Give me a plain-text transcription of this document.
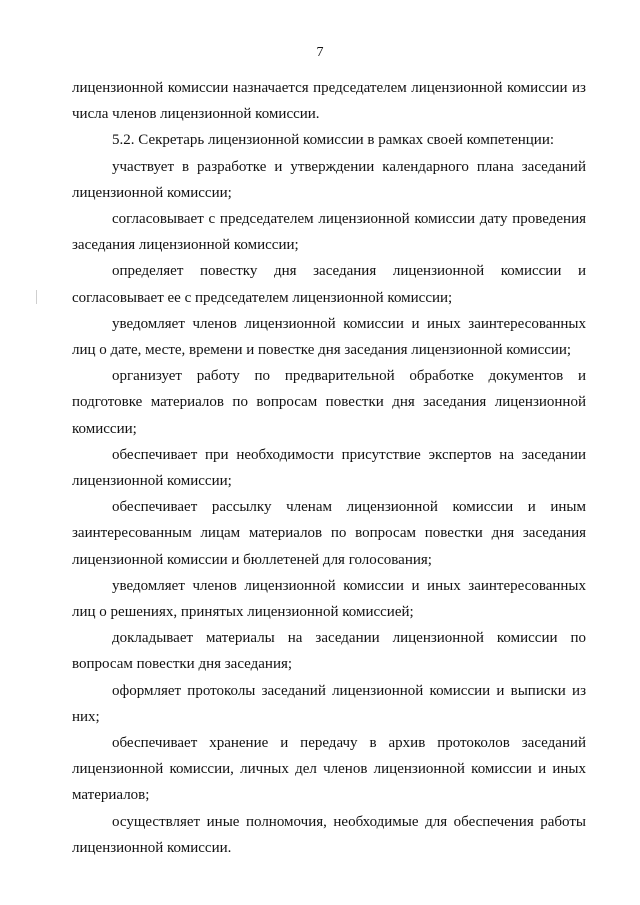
7

лицензионной комиссии назначается председателем лицензионной комиссии из числа членов лицензионной комиссии.

5.2. Секретарь лицензионной комиссии в рамках своей компетенции:

участвует в разработке и утверждении календарного плана заседаний лицензионной комиссии;

согласовывает с председателем лицензионной комиссии дату проведения заседания лицензионной комиссии;

определяет повестку дня заседания лицензионной комиссии и согласовывает ее с председателем лицензионной комиссии;

уведомляет членов лицензионной комиссии и иных заинтересованных лиц о дате, месте, времени и повестке дня заседания лицензионной комиссии;

организует работу по предварительной обработке документов и подготовке материалов по вопросам повестки дня заседания лицензионной комиссии;

обеспечивает при необходимости присутствие экспертов на заседании лицензионной комиссии;

обеспечивает рассылку членам лицензионной комиссии и иным заинтересованным лицам материалов по вопросам повестки дня заседания лицензионной комиссии и бюллетеней для голосования;

уведомляет членов лицензионной комиссии и иных заинтересованных лиц о решениях, принятых лицензионной комиссией;

докладывает материалы на заседании лицензионной комиссии по вопросам повестки дня заседания;

оформляет протоколы заседаний лицензионной комиссии и выписки из них;

обеспечивает хранение и передачу в архив протоколов заседаний лицензионной комиссии, личных дел членов лицензионной комиссии и иных материалов;

осуществляет иные полномочия, необходимые для обеспечения работы лицензионной комиссии.
